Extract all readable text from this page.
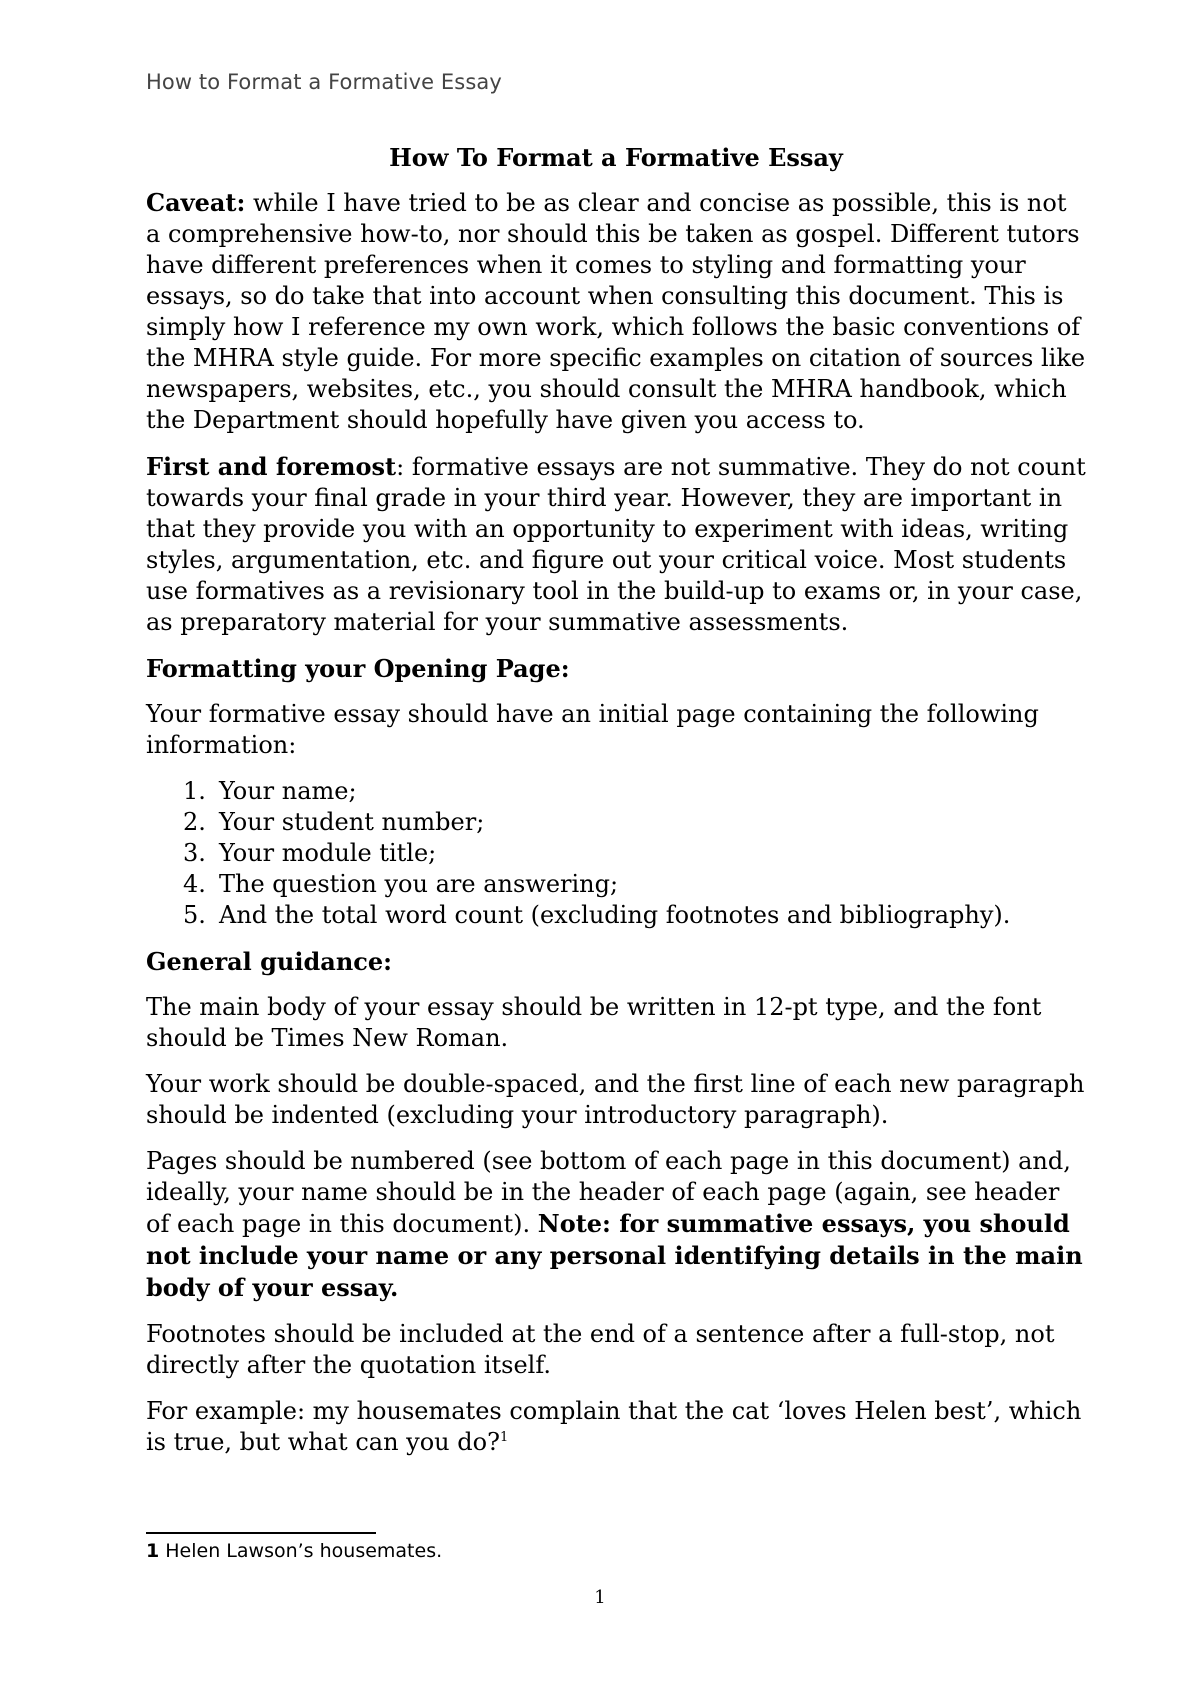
How to Format a Formative Essay
How To Format a Formative Essay

Caveat: while I have tried to be as clear and concise as possible, this is not a comprehensive how-to, nor should this be taken as gospel. Different tutors have different preferences when it comes to styling and formatting your essays, so do take that into account when consulting this document. This is simply how I reference my own work, which follows the basic conventions of the MHRA style guide. For more specific examples on citation of sources like newspapers, websites, etc., you should consult the MHRA handbook, which the Department should hopefully have given you access to.

First and foremost: formative essays are not summative. They do not count towards your final grade in your third year. However, they are important in that they provide you with an opportunity to experiment with ideas, writing styles, argumentation, etc. and figure out your critical voice. Most students use formatives as a revisionary tool in the build-up to exams or, in your case, as preparatory material for your summative assessments.

Formatting your Opening Page:

Your formative essay should have an initial page containing the following information:

1. Your name;
2. Your student number;
3. Your module title;
4. The question you are answering;
5. And the total word count (excluding footnotes and bibliography).
General guidance:

The main body of your essay should be written in 12-pt type, and the font should be Times New Roman.

Your work should be double-spaced, and the first line of each new paragraph should be indented (excluding your introductory paragraph).

Pages should be numbered (see bottom of each page in this document) and, ideally, your name should be in the header of each page (again, see header of each page in this document). Note: for summative essays, you should not include your name or any personal identifying details in the main body of your essay.

Footnotes should be included at the end of a sentence after a full-stop, not directly after the quotation itself.

For example: my housemates complain that the cat ‘loves Helen best’, which is true, but what can you do?$^1$

1 Helen Lawson’s housemates.
1
